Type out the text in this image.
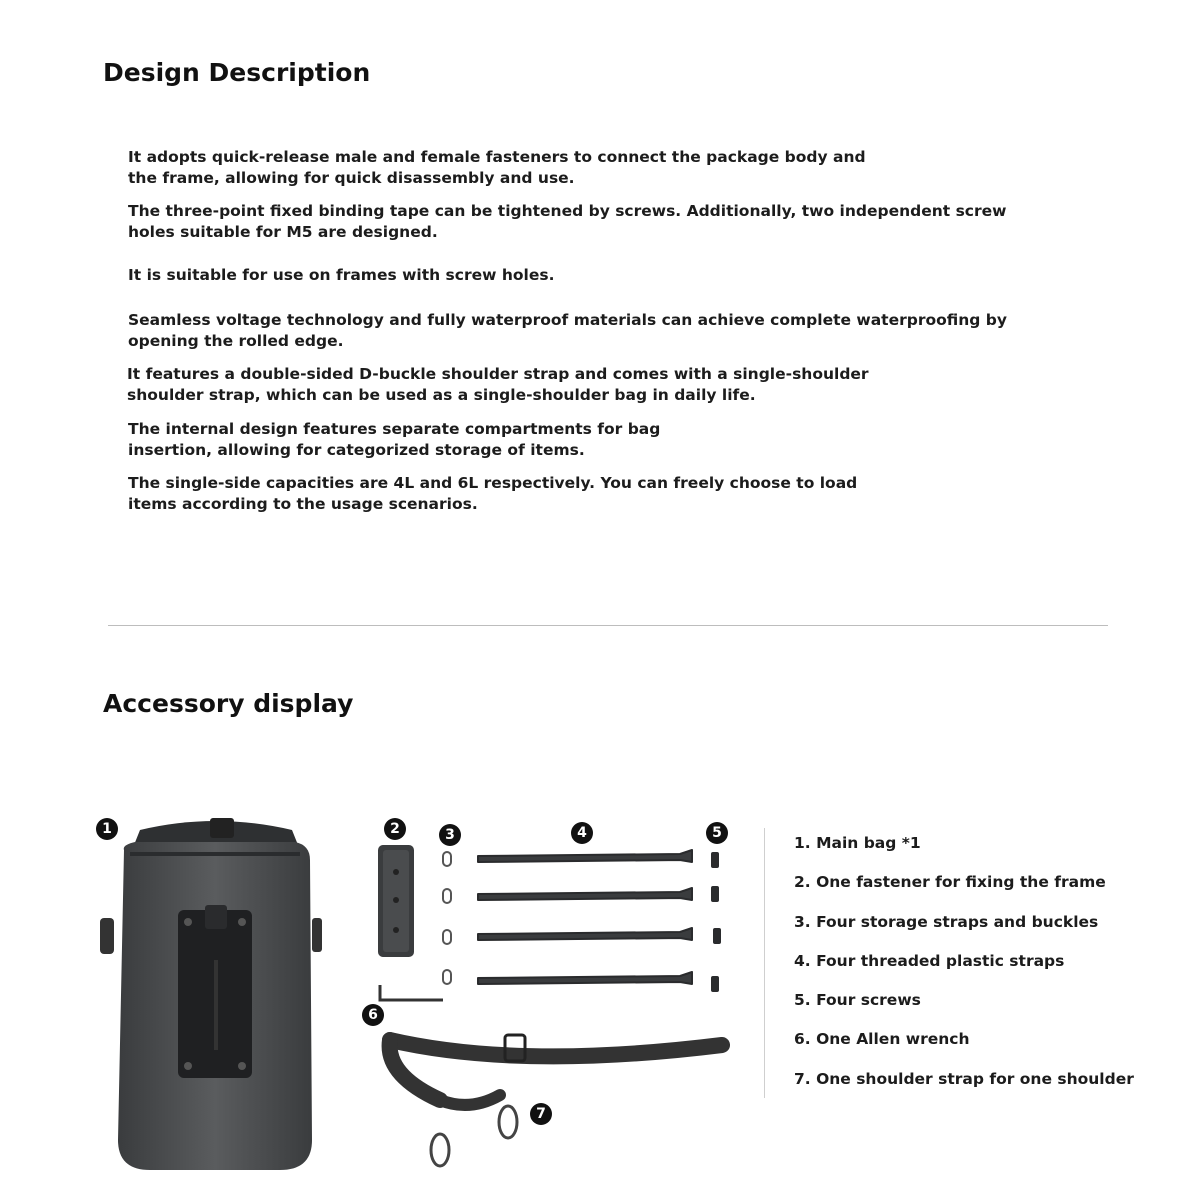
Design Description

It adopts quick-release male and female fasteners to connect the package body and
the frame, allowing for quick disassembly and use.

The three-point fixed binding tape can be tightened by screws. Additionally, two independent screw
holes suitable for M5 are designed.

It is suitable for use on frames with screw holes.

Seamless voltage technology and fully waterproof materials can achieve complete waterproofing by
opening the rolled edge.

It features a double-sided D-buckle shoulder strap and comes with a single-shoulder
shoulder strap, which can be used as a single-shoulder bag in daily life.

The internal design features separate compartments for bag
insertion, allowing for categorized storage of items.

The single-side capacities are 4L and 6L respectively. You can freely choose to load
items according to the usage scenarios.

Accessory display
1	2	3	4	5
6
7
1. Main bag *1
2. One fastener for fixing the frame
3. Four storage straps and buckles
4. Four threaded plastic straps
5. Four screws
6. One Allen wrench
7. One shoulder strap for one shoulder
